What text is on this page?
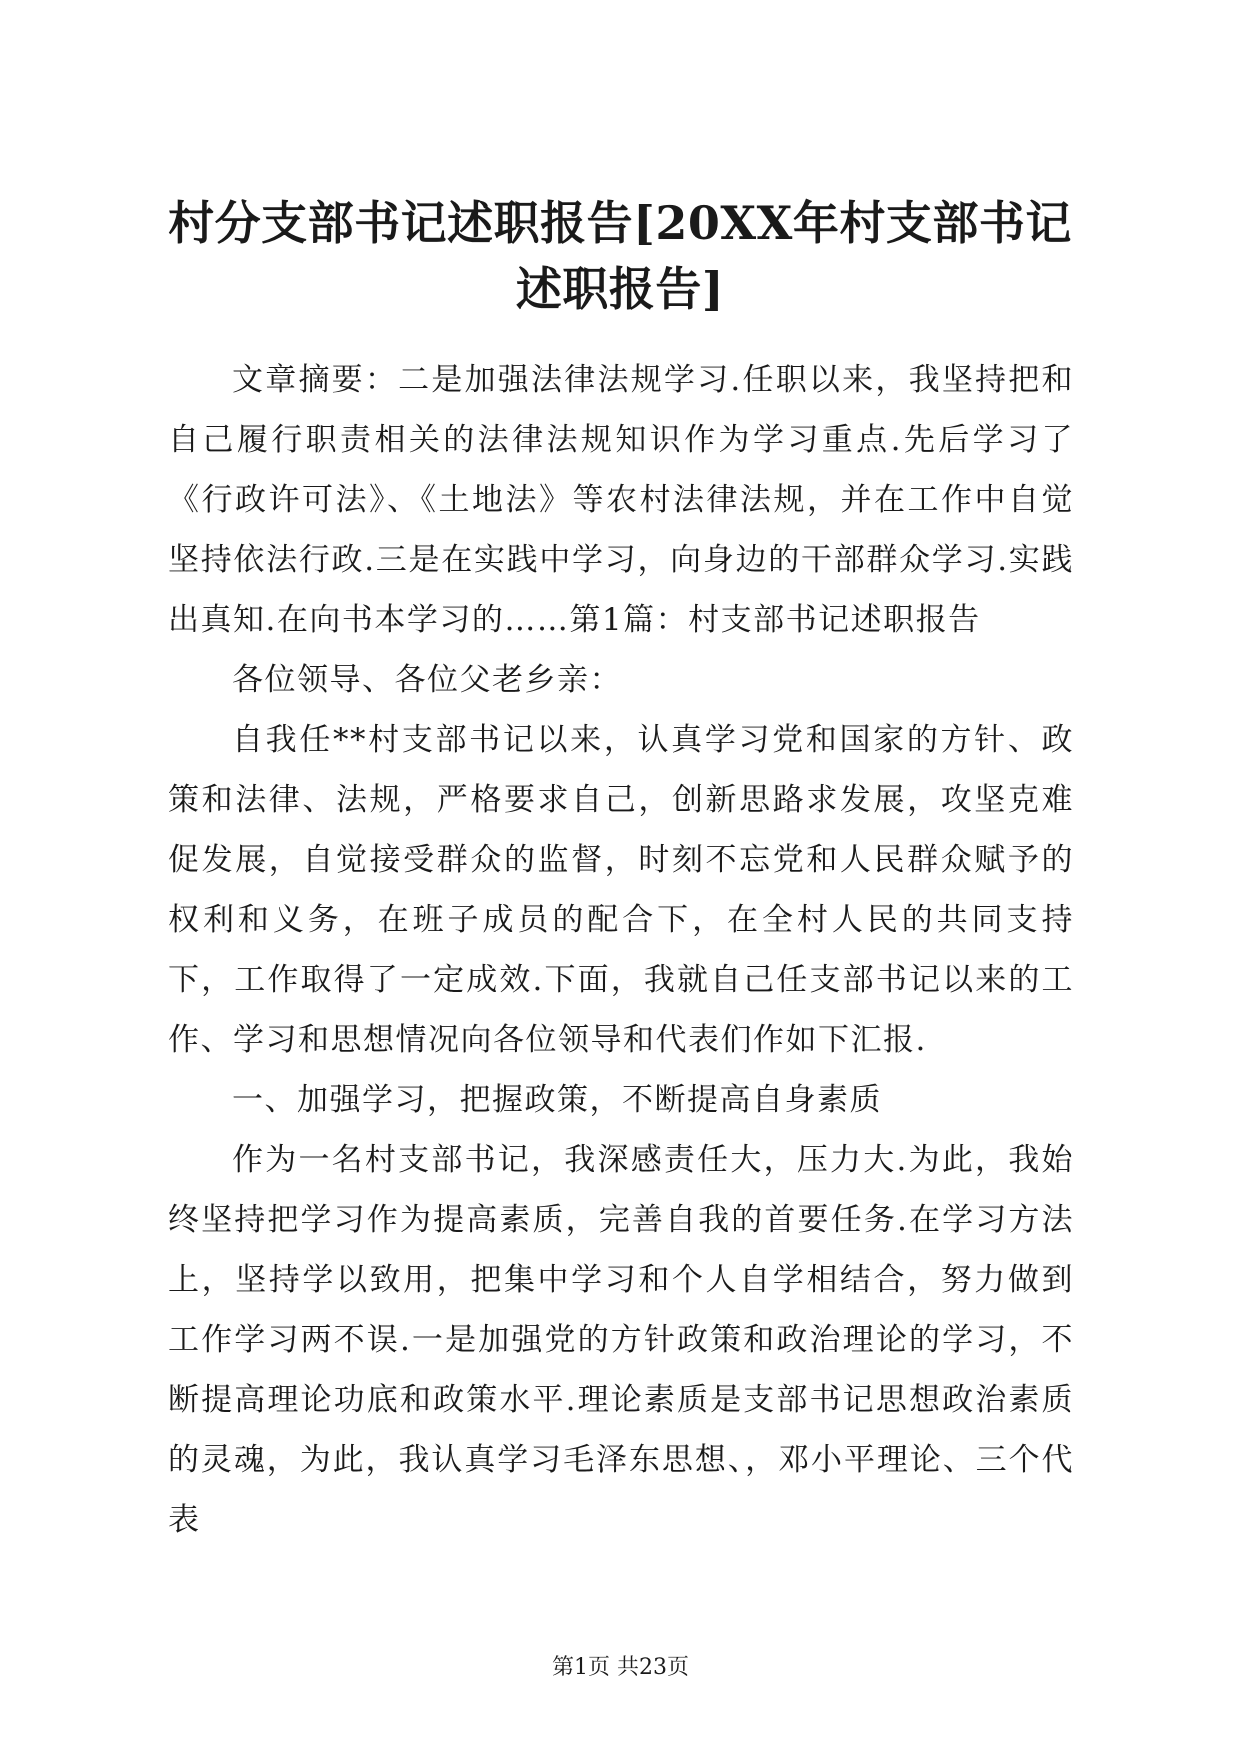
村分支部书记述职报告[20XX年村支部书记述职报告]

文章摘要：二是加强法律法规学习.任职以来，我坚持把和自己履行职责相关的法律法规知识作为学习重点.先后学习了《行政许可法》、《土地法》等农村法律法规，并在工作中自觉坚持依法行政.三是在实践中学习，向身边的干部群众学习.实践出真知.在向书本学习的……第1篇：村支部书记述职报告

各位领导、各位父老乡亲：

自我任**村支部书记以来，认真学习党和国家的方针、政策和法律、法规，严格要求自己，创新思路求发展，攻坚克难促发展，自觉接受群众的监督，时刻不忘党和人民群众赋予的权利和义务，在班子成员的配合下，在全村人民的共同支持下，工作取得了一定成效.下面，我就自己任支部书记以来的工作、学习和思想情况向各位领导和代表们作如下汇报.

一、加强学习，把握政策，不断提高自身素质

作为一名村支部书记，我深感责任大，压力大.为此，我始终坚持把学习作为提高素质，完善自我的首要任务.在学习方法上，坚持学以致用，把集中学习和个人自学相结合，努力做到工作学习两不误.一是加强党的方针政策和政治理论的学习，不断提高理论功底和政策水平.理论素质是支部书记思想政治素质的灵魂，为此，我认真学习毛泽东思想、，邓小平理论、三个代表

第1页 共23页
